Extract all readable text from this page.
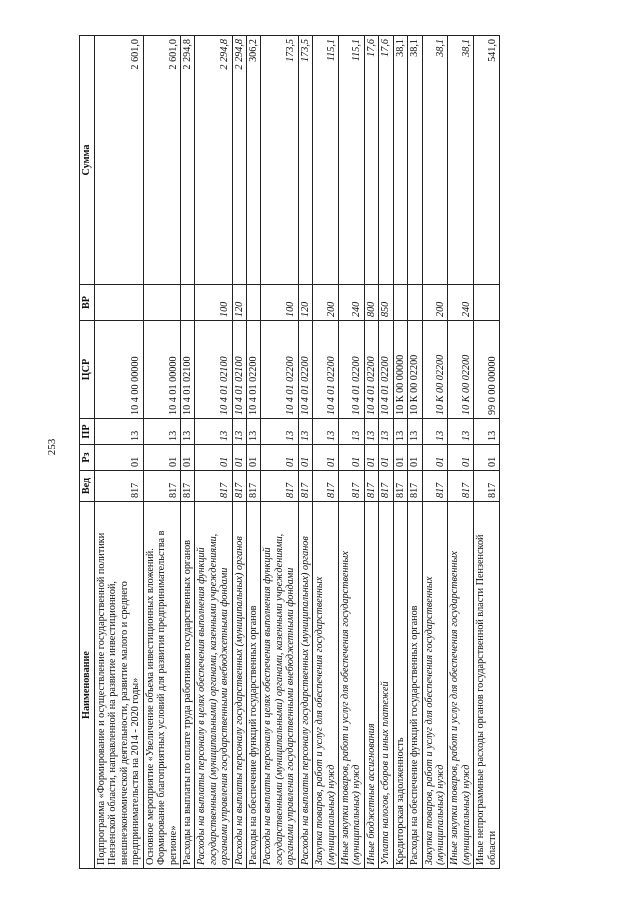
253
Наименование	Вед	Рз	ПР	ЦСР	ВР	Сумма
Подпрограмма «Формирование и осуществление государственной политики Пензенской области, направленной на развитие инвестиционной, внешнеэкономической деятельности, развитие малого и среднего предпринимательства на 2014 - 2020 годы»	817	01	13	10 4 00 00000		2 601,0
Основное мероприятие «Увеличение объема инвестиционных вложений. Формирование благоприятных условий для развития предпринимательства в регионе»	817	01	13	10 4 01 00000		2 601,0
Расходы на выплаты по оплате труда работников государственных органов	817	01	13	10 4 01 02100		2 294,8
Расходы на выплаты персоналу в целях обеспечения выполнения функций государственными (муниципальными) органами, казенными учреждениями, органами управления государственными внебюджетными фондами	817	01	13	10 4 01 02100	100	2 294,8
Расходы на выплаты персоналу государственных (муниципальных) органов	817	01	13	10 4 01 02100	120	2 294,8
Расходы на обеспечение функций государственных органов	817	01	13	10 4 01 02200		306,2
Расходы на выплаты персоналу в целях обеспечения выполнения функций государственными (муниципальными) органами, казенными учреждениями, органами управления государственными внебюджетными фондами	817	01	13	10 4 01 02200	100	173,5
Расходы на выплаты персоналу государственных (муниципальных) органов	817	01	13	10 4 01 02200	120	173,5
Закупка товаров, работ и услуг для обеспечения государственных (муниципальных) нужд	817	01	13	10 4 01 02200	200	115,1
Иные закупки товаров, работ и услуг для обеспечения государственных (муниципальных) нужд	817	01	13	10 4 01 02200	240	115,1
Иные бюджетные ассигнования	817	01	13	10 4 01 02200	800	17,6
Уплата налогов, сборов и иных платежей	817	01	13	10 4 01 02200	850	17,6
Кредиторская задолженность	817	01	13	10 К 00 00000		38,1
Расходы на обеспечение функций государственных органов	817	01	13	10 К 00 02200		38,1
Закупка товаров, работ и услуг для обеспечения государственных (муниципальных) нужд	817	01	13	10 К 00 02200	200	38,1
Иные закупки товаров, работ и услуг для обеспечения государственных (муниципальных) нужд	817	01	13	10 К 00 02200	240	38,1
Иные непрограммные расходы органов государственной власти Пензенской области	817	01	13	99 0 00 00000		541,0
